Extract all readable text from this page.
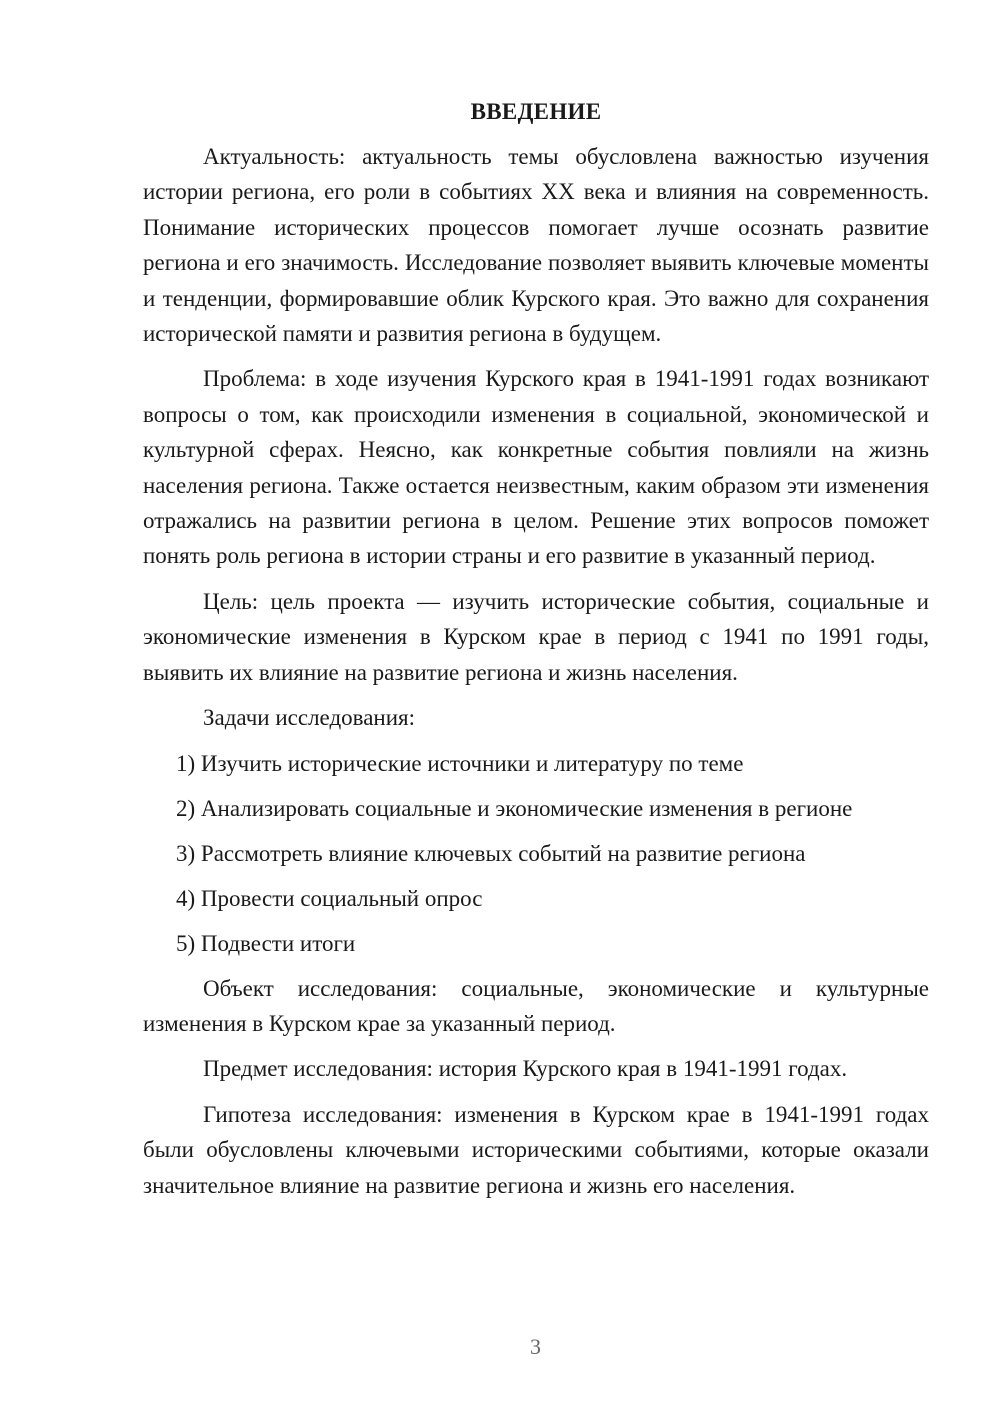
ВВЕДЕНИЕ

Актуальность: актуальность темы обусловлена важностью изучения истории региона, его роли в событиях XX века и влияния на современность. Понимание исторических процессов помогает лучше осознать развитие региона и его значимость. Исследование позволяет выявить ключевые моменты и тенденции, формировавшие облик Курского края. Это важно для сохранения исторической памяти и развития региона в будущем.

Проблема: в ходе изучения Курского края в 1941-1991 годах возникают вопросы о том, как происходили изменения в социальной, экономической и культурной сферах. Неясно, как конкретные события повлияли на жизнь населения региона. Также остается неизвестным, каким образом эти изменения отражались на развитии региона в целом. Решение этих вопросов поможет понять роль региона в истории страны и его развитие в указанный период.

Цель: цель проекта — изучить исторические события, социальные и экономические изменения в Курском крае в период с 1941 по 1991 годы, выявить их влияние на развитие региона и жизнь населения.

Задачи исследования:

1) Изучить исторические источники и литературу по теме
2) Анализировать социальные и экономические изменения в регионе
3) Рассмотреть влияние ключевых событий на развитие региона
4) Провести социальный опрос
5) Подвести итоги

Объект исследования: социальные, экономические и культурные изменения в Курском крае за указанный период.

Предмет исследования: история Курского края в 1941-1991 годах.

Гипотеза исследования: изменения в Курском крае в 1941-1991 годах были обусловлены ключевыми историческими событиями, которые оказали значительное влияние на развитие региона и жизнь его населения.

3
